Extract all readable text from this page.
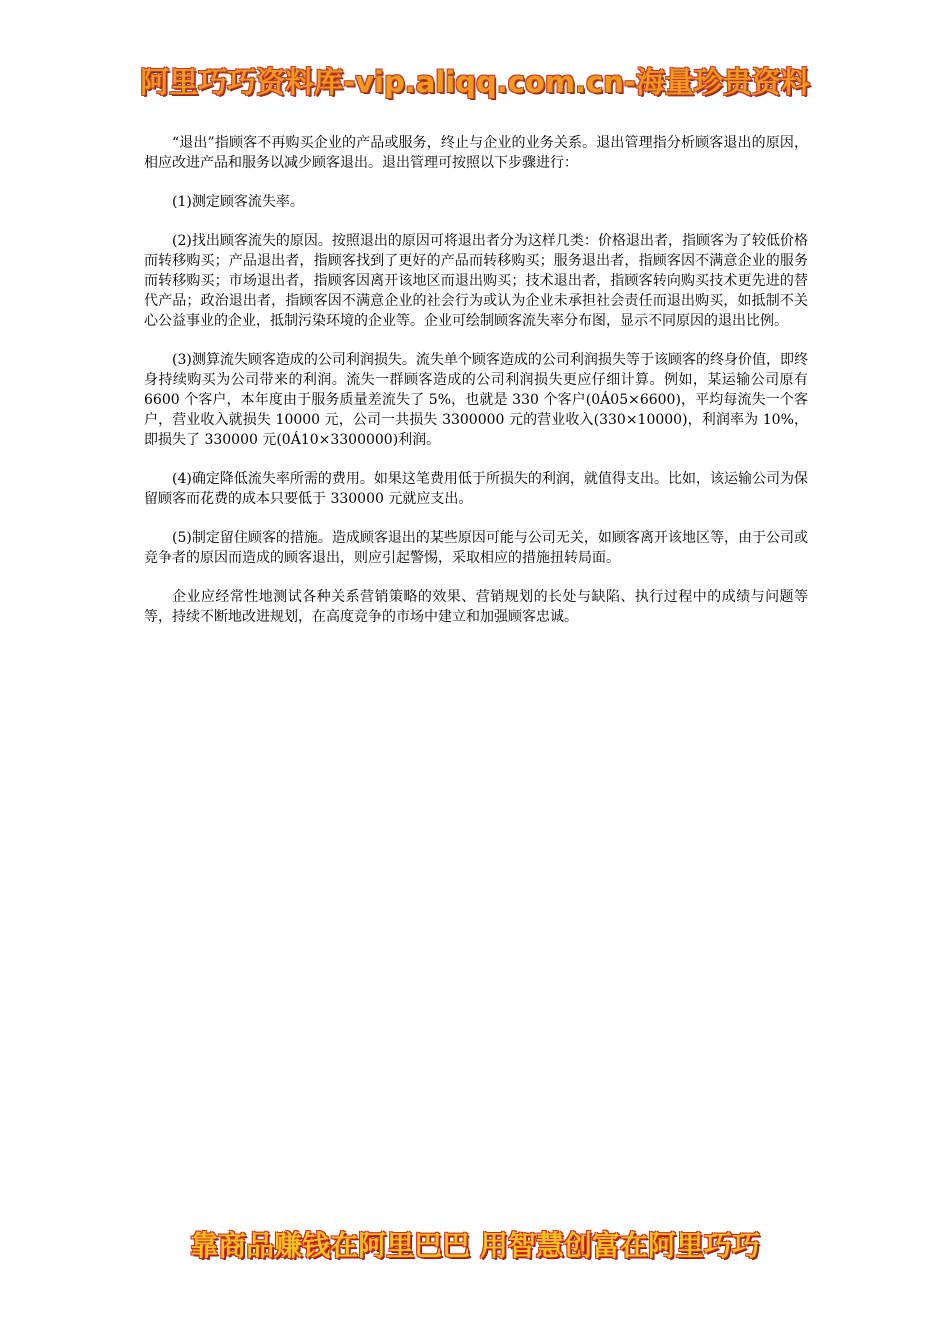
阿里巧巧资料库-vip.aliqq.com.cn-海量珍贵资料

“退出”指顾客不再购买企业的产品或服务，终止与企业的业务关系。退出管理指分析顾客退出的原因，相应改进产品和服务以减少顾客退出。退出管理可按照以下步骤进行：

(1)测定顾客流失率。

(2)找出顾客流失的原因。按照退出的原因可将退出者分为这样几类：价格退出者，指顾客为了较低价格而转移购买；产品退出者，指顾客找到了更好的产品而转移购买；服务退出者，指顾客因不满意企业的服务而转移购买；市场退出者，指顾客因离开该地区而退出购买；技术退出者，指顾客转向购买技术更先进的替代产品；政治退出者，指顾客因不满意企业的社会行为或认为企业未承担社会责任而退出购买，如抵制不关心公益事业的企业，抵制污染环境的企业等。企业可绘制顾客流失率分布图，显示不同原因的退出比例。

(3)测算流失顾客造成的公司利润损失。流失单个顾客造成的公司利润损失等于该顾客的终身价值，即终身持续购买为公司带来的利润。流失一群顾客造成的公司利润损失更应仔细计算。例如，某运输公司原有 6600 个客户，本年度由于服务质量差流失了 5%，也就是 330 个客户(0Á05×6600)，平均每流失一个客户，营业收入就损失 10000 元，公司一共损失 3300000 元的营业收入(330×10000)，利润率为 10%，即损失了 330000 元(0Á10×3300000)利润。

(4)确定降低流失率所需的费用。如果这笔费用低于所损失的利润，就值得支出。比如，该运输公司为保留顾客而花费的成本只要低于 330000 元就应支出。

(5)制定留住顾客的措施。造成顾客退出的某些原因可能与公司无关，如顾客离开该地区等，由于公司或竞争者的原因而造成的顾客退出，则应引起警惕，采取相应的措施扭转局面。

企业应经常性地测试各种关系营销策略的效果、营销规划的长处与缺陷、执行过程中的成绩与问题等等，持续不断地改进规划，在高度竞争的市场中建立和加强顾客忠诚。

靠商品赚钱在阿里巴巴 用智慧创富在阿里巧巧
